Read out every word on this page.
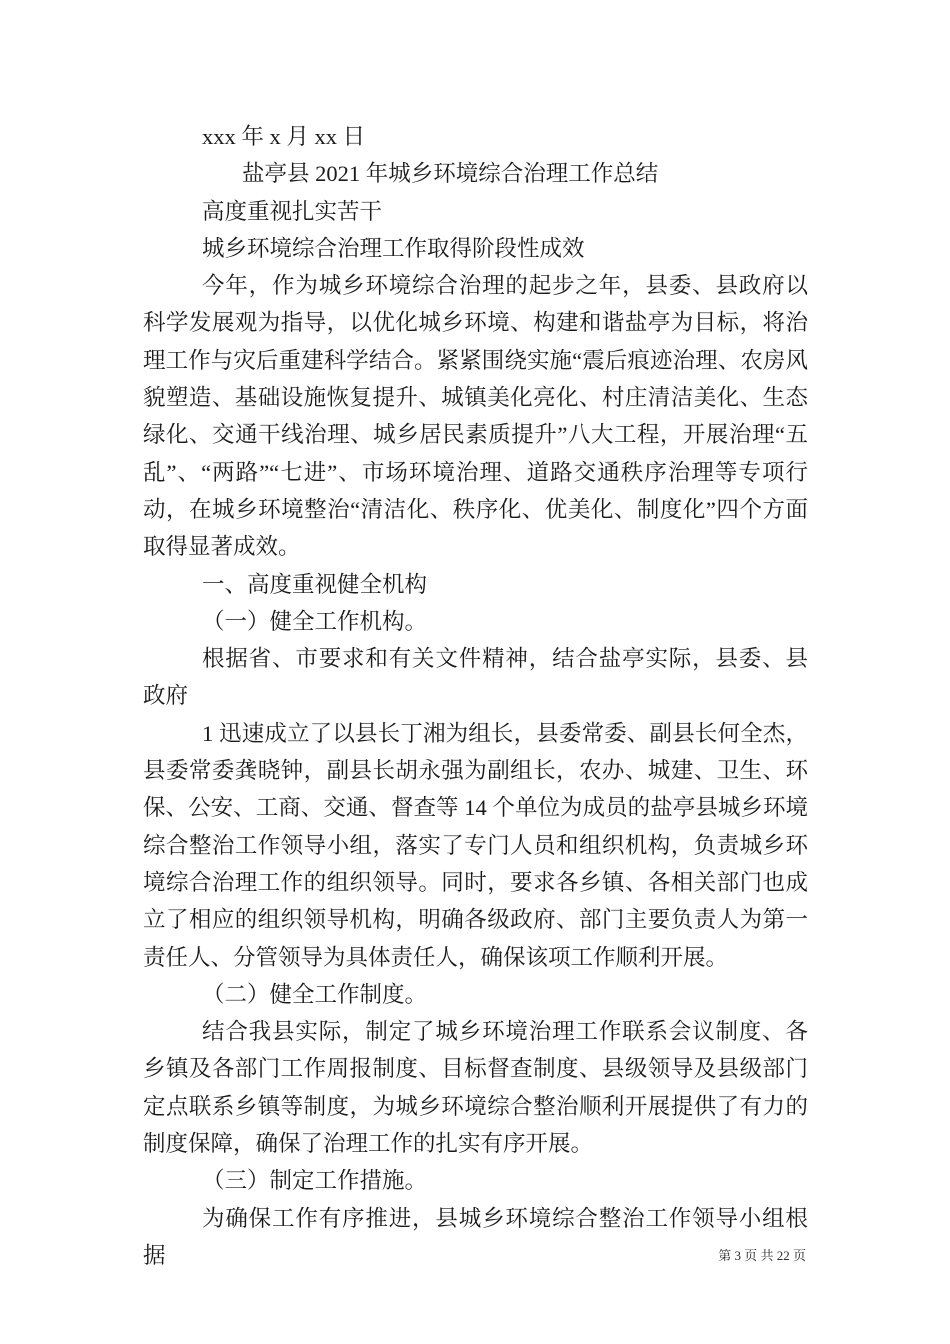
xxx 年 x 月 xx 日

盐亭县 2021 年城乡环境综合治理工作总结

高度重视扎实苦干

城乡环境综合治理工作取得阶段性成效

今年，作为城乡环境综合治理的起步之年，县委、县政府以科学发展观为指导，以优化城乡环境、构建和谐盐亭为目标，将治理工作与灾后重建科学结合。紧紧围绕实施“震后痕迹治理、农房风貌塑造、基础设施恢复提升、城镇美化亮化、村庄清洁美化、生态绿化、交通干线治理、城乡居民素质提升”八大工程，开展治理“五乱”、“两路”“七进”、市场环境治理、道路交通秩序治理等专项行动，在城乡环境整治“清洁化、秩序化、优美化、制度化”四个方面取得显著成效。

一、高度重视健全机构

（一）健全工作机构。

根据省、市要求和有关文件精神，结合盐亭实际，县委、县政府

1 迅速成立了以县长丁湘为组长，县委常委、副县长何全杰，县委常委龚晓钟，副县长胡永强为副组长，农办、城建、卫生、环保、公安、工商、交通、督查等 14 个单位为成员的盐亭县城乡环境综合整治工作领导小组，落实了专门人员和组织机构，负责城乡环境综合治理工作的组织领导。同时，要求各乡镇、各相关部门也成立了相应的组织领导机构，明确各级政府、部门主要负责人为第一责任人、分管领导为具体责任人，确保该项工作顺利开展。

（二）健全工作制度。

结合我县实际，制定了城乡环境治理工作联系会议制度、各乡镇及各部门工作周报制度、目标督查制度、县级领导及县级部门定点联系乡镇等制度，为城乡环境综合整治顺利开展提供了有力的制度保障，确保了治理工作的扎实有序开展。

（三）制定工作措施。

为确保工作有序推进，县城乡环境综合整治工作领导小组根据	第 3 页 共 22 页
